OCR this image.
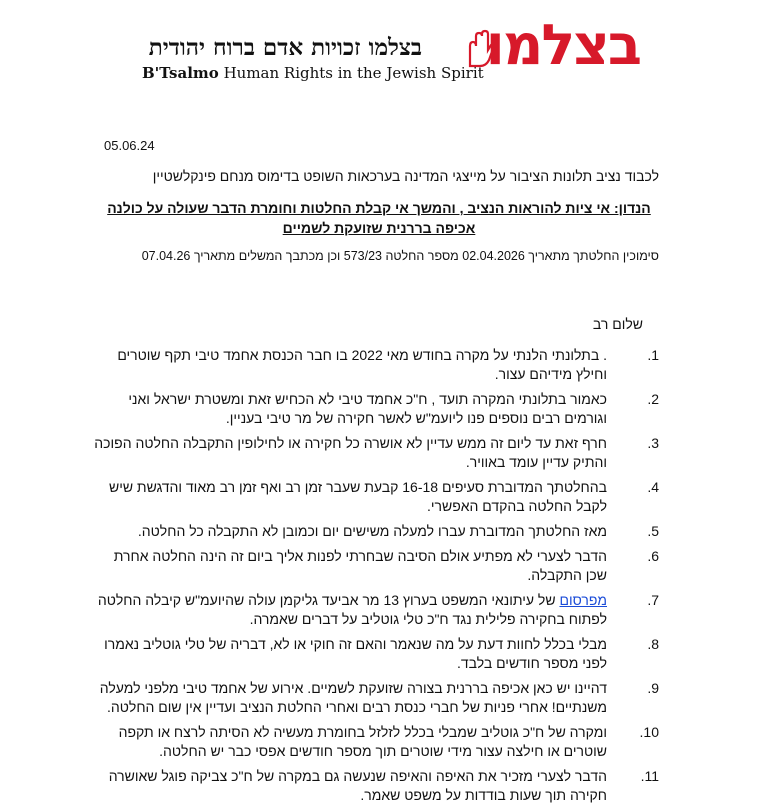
בצלמו
בצלמו זכויות אדם ברוח יהודית
B'Tsalmo Human Rights in the Jewish Spirit
05.06.24
לכבוד נציב תלונות הציבור על מייצגי המדינה בערכאות השופט בדימוס מנחם פינקלשטיין
הנדון: אי ציות להוראות הנציב , והמשך אי קבלת החלטות וחומרת הדבר שעולה על כולנה אכיפה בררנית שזועקת לשמיים
סימוכין החלטתך מתאריך 02.04.2026 מספר החלטה 573/23 וכן מכתבך המשלים מתאריך 07.04.26
שלום רב
1.
. בתלונתי הלנתי על מקרה בחודש מאי 2022 בו חבר הכנסת אחמד טיבי תקף שוטרים וחילץ מידיהם עצור.
2.
כאמור בתלונתי המקרה תועד , ח"כ אחמד טיבי לא הכחיש זאת ומשטרת ישראל ואני וגורמים רבים נוספים פנו ליועמ"ש לאשר חקירה של מר טיבי בעניין.
3.
חרף זאת עד ליום זה ממש עדיין לא אושרה כל חקירה או לחילופין התקבלה החלטה הפוכה והתיק עדיין עומד באוויר.
4.
בהחלטתך המדוברת סעיפים 16-18 קבעת שעבר זמן רב ואף זמן רב מאוד והדגשת שיש לקבל החלטה בהקדם האפשרי.
5.
מאז החלטתך המדוברת עברו למעלה משישים יום וכמובן לא התקבלה כל החלטה.
6.
הדבר לצערי לא מפתיע אולם הסיבה שבחרתי לפנות אליך ביום זה הינה החלטה אחרת שכן התקבלה.
7.
מפרסום של עיתונאי המשפט בערוץ 13 מר אביעד גליקמן עולה שהיועמ"ש קיבלה החלטה לפתוח בחקירה פלילית נגד ח"כ טלי גוטליב על דברים שאמרה.
8.
מבלי בכלל לחוות דעת על מה שנאמר והאם זה חוקי או לא, דבריה של טלי גוטליב נאמרו לפני מספר חודשים בלבד.
9.
דהיינו יש כאן אכיפה בררנית בצורה שזועקת לשמיים. אירוע של אחמד טיבי מלפני למעלה משנתיים! אחרי פניות של חברי כנסת רבים ואחרי החלטת הנציב ועדיין אין שום החלטה.
10.
ומקרה של ח"כ גוטליב שמבלי בכלל לזלזל בחומרת מעשיה לא הסיתה לרצח או תקפה שוטרים או חילצה עצור מידי שוטרים תוך מספר חודשים אפסי כבר יש החלטה.
11.
הדבר לצערי מזכיר את האיפה והאיפה שנעשה גם במקרה של ח"כ צביקה פוגל שאושרה חקירה תוך שעות בודדות על משפט שאמר.
